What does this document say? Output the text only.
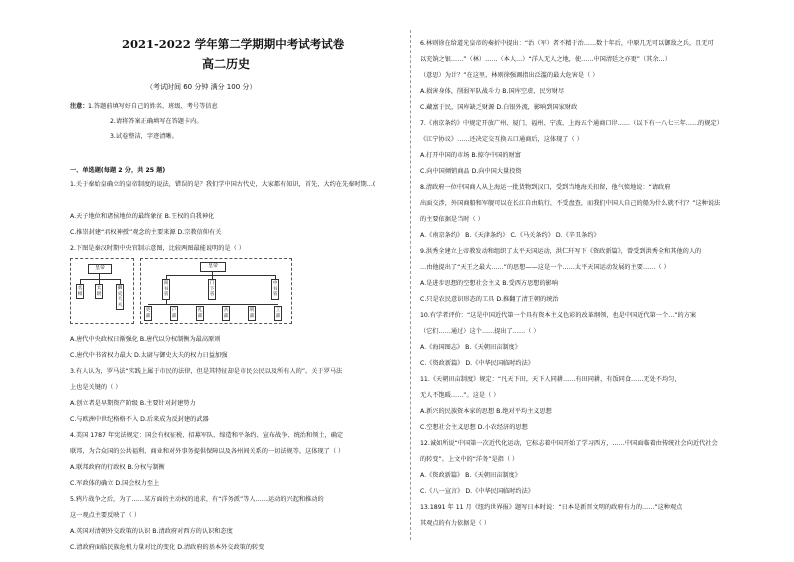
2021-2022 学年第二学期期中考试考试卷
高二历史
（考试时间 60 分钟 满分 100 分）
注意： 1.答题前填写好自己的姓名、班级、考号等信息
2.请将答案正确填写在答题卡内。
3.试卷整洁，字迹清晰。
一、单选题(每题 2 分，共 25 题)
1.关于秦始皇确立的皇帝制度的说法，错误的是？我们学中国古代史，大家都有知识，首先，大约在先秦时期…(
A.天子地位和诸侯地位的最终象征 B.王权的自我神化
C.推崇封建“君权神授”观念的主要来源 D.宗教信仰有关
2.下图是秦汉时期中央官制示意图，比较两图最能说明的是（ ）
皇帝
丞相
太尉
御史大夫
皇帝
尚书省
门下省
中书省
吏部
户部
礼部
兵部
刑部
工部
A.唐代中央政权日渐强化 B.唐代以分权制衡为最高原则
C.唐代中书省权力最大 D.太尉与御史大夫的权力日益加强
3.有人认为，罗马法“实践上属于市民的法律，但是其特征却是市民公民以及所有人的”。关于罗马法
上也是关键的（ ）
A.创立者是早期资产阶级 B.主要针对封建势力
C.与欧洲中世纪格格不入 D.后来成为反封建的武器
4.美国 1787 年宪法规定：国会有权征税、招募军队、缔造和平条约、宣布战争、统治和领土，确定
联邦，为合众国的公共福利、商业和对外事务提供保障以及各州间关系的一切法规等。这体现了（ ）
A.联邦政府的行政权 B.分权与制衡
C.军政体的确立 D.国会权力至上
5.鸦片战争之后，为了……某方面的主动权的追求，有“洋务派”等人……运动的兴起和推动的
这一观点主要反映了（ ）
A.英国对清朝外交政策的认识 B.清政府对西方的认识和态度
C.清政府面临民族危机力量对比的变化 D.清政府的基本外交政策的转变
6.林则徐在给道光皇帝的奏折中提出：“治（军）者不精于治……数十年后，中原几无可以御敌之兵，且无可
以充饷之银……”（林）……（本人…）“洋人无人之地，使……中国清廷之亦更”（其余…）
（意思）为计？”在这里，林则徐强调指出泛滥的最大危害是（ ）
A.损害身体，削弱军队战斗力 B.国库空虚，民穷财尽
C.藏富于民，国库缺乏财源 D.白银外流，影响到国家财政
7.《南京条约》中规定开放广州、厦门、福州、宁波、上海五个通商口岸……（以下有一八七三年……的规定）
《江宁协议》……还决定交互换五口通商后，这体现了（ ）
A.打开中国的市场 B.掠夺中国的财富
C.向中国倾销商品 D.向中国大量投资
8.清政府一位中国商人从上海运一批货物到汉口，受到当地海关扣留，他气愤地说：“请政府
出面交涉，外国商船和军舰可以在长江自由航行，不受盘查，而我们中国人自己的船为什么就不行？”这种说法
的主要依据是当时（ ）
A.《南京条约》 B.《天津条约》 C.《马关条约》 D.《辛丑条约》
9.洪秀全建立上帝教发动和组织了太平天国运动，洪仁玕写下《资政新篇》，曾受到洪秀全和其他的人的
…由他提出了“天王之最大……”的思想——这是一个……太平天国运动发展的主要……（ ）
A.是进步思想的空想社会主义 B.受西方思想的影响
C.只是农民意识形态的工具 D.推翻了清王朝的统治
10.有学者评价：“这是中国近代第一个具有资本主义色彩的改革纲领，也是中国近代第一个…”的方案
（它们……通过）这个……提出了……（ ）
A.《海国图志》 B.《天朝田亩制度》
C.《资政新篇》 D.《中华民国临时约法》
11.《天朝田亩制度》规定：“凡天下田，天下人同耕……有田同耕，有饭同食……无处不均匀，
无人不饱暖……”。这是（ ）
A.新兴的民族资本家的思想 B.绝对平均主义思想
C.空想社会主义思想 D.小农经济的思想
12.诚如所说“中国第一次近代化运动，它标志着中国开始了学习西方，……中国面临着由传统社会向近代社会
的转变”。上文中的“洋务”是指（ ）
A.《资政新篇》 B.《天朝田亩制度》
C.《八一宣言》 D.《中华民国临时约法》
13.1891 年 11 月《纽约世界报》题写日本时说：“日本是新晋文明的政府有力的……”这种观点
其观点的有力依据是（ ）
